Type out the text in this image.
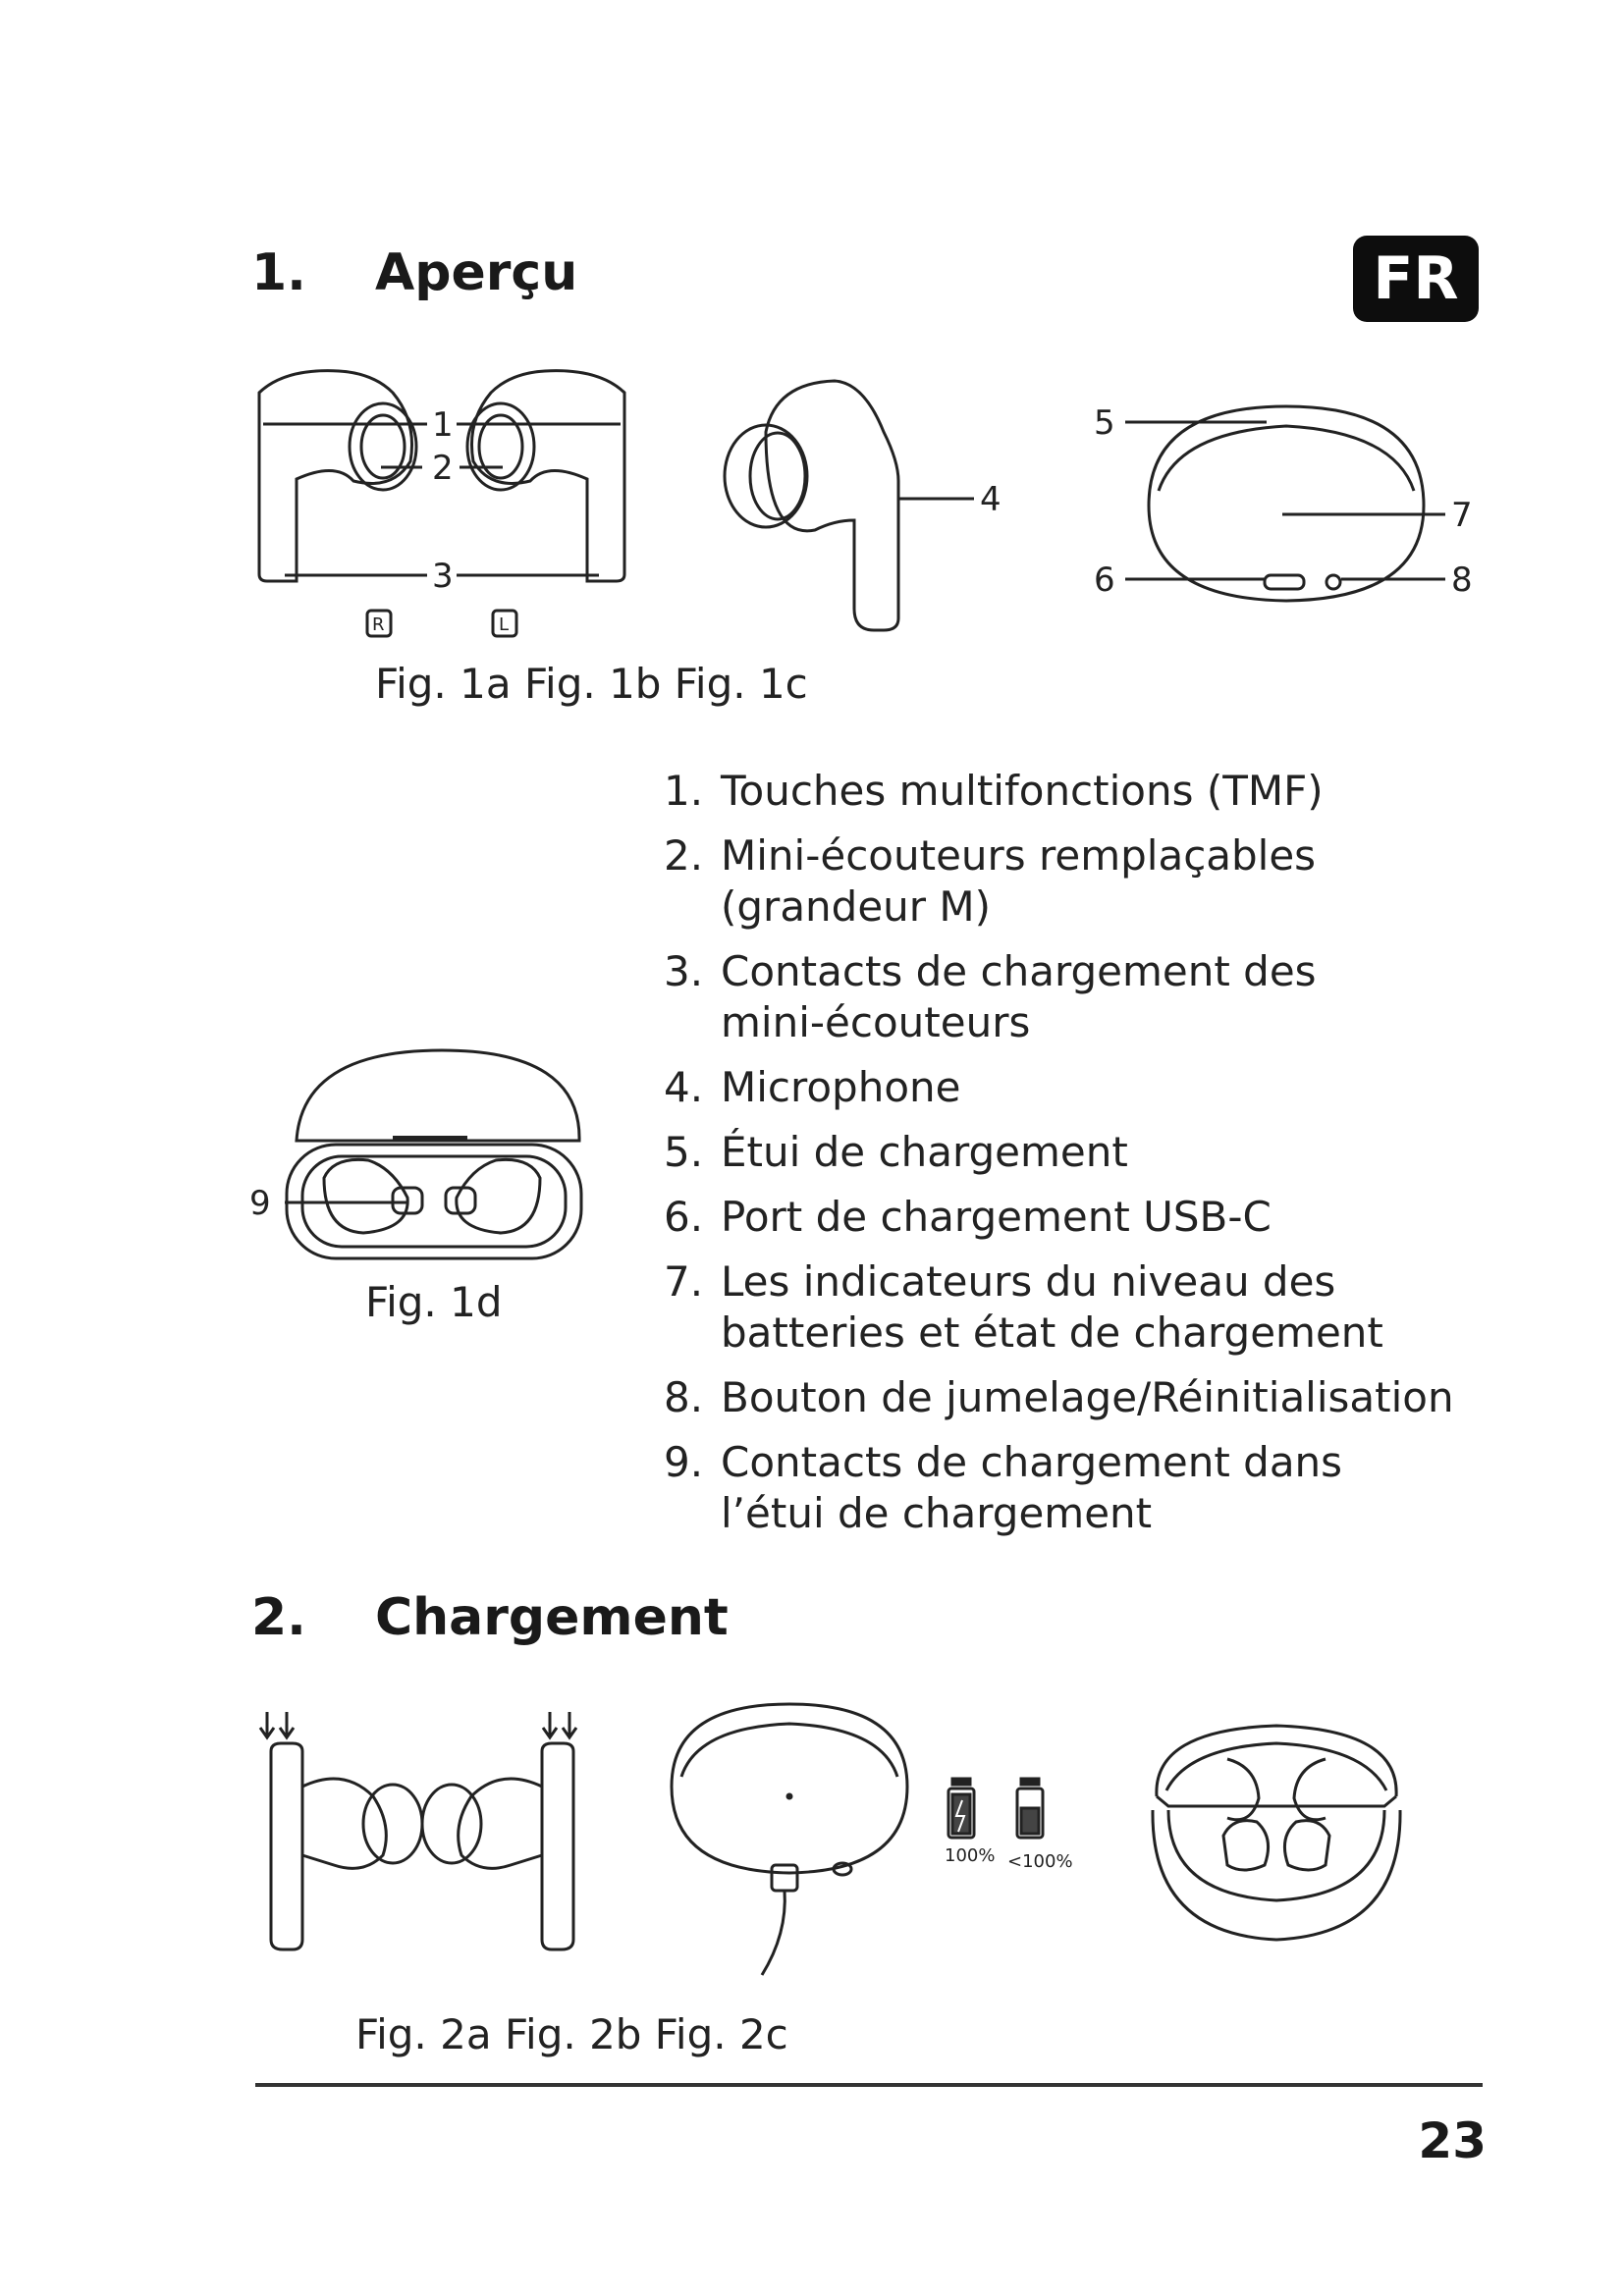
1. Aperçu	FR
1
2
3
R	L
4
5
6
7
8
Fig. 1a Fig. 1b Fig. 1c
9
Fig. 1d
1. Touches multifonctions (TMF)
2. Mini-écouteurs remplaçables (grandeur M)
3. Contacts de chargement des mini-écouteurs
4. Microphone
5. Étui de chargement
6. Port de chargement USB-C
7. Les indicateurs du niveau des batteries et état de chargement
8. Bouton de jumelage/Réinitialisation
9. Contacts de chargement dans l’étui de chargement
2. Chargement
100% <100%
Fig. 2a Fig. 2b Fig. 2c
23
